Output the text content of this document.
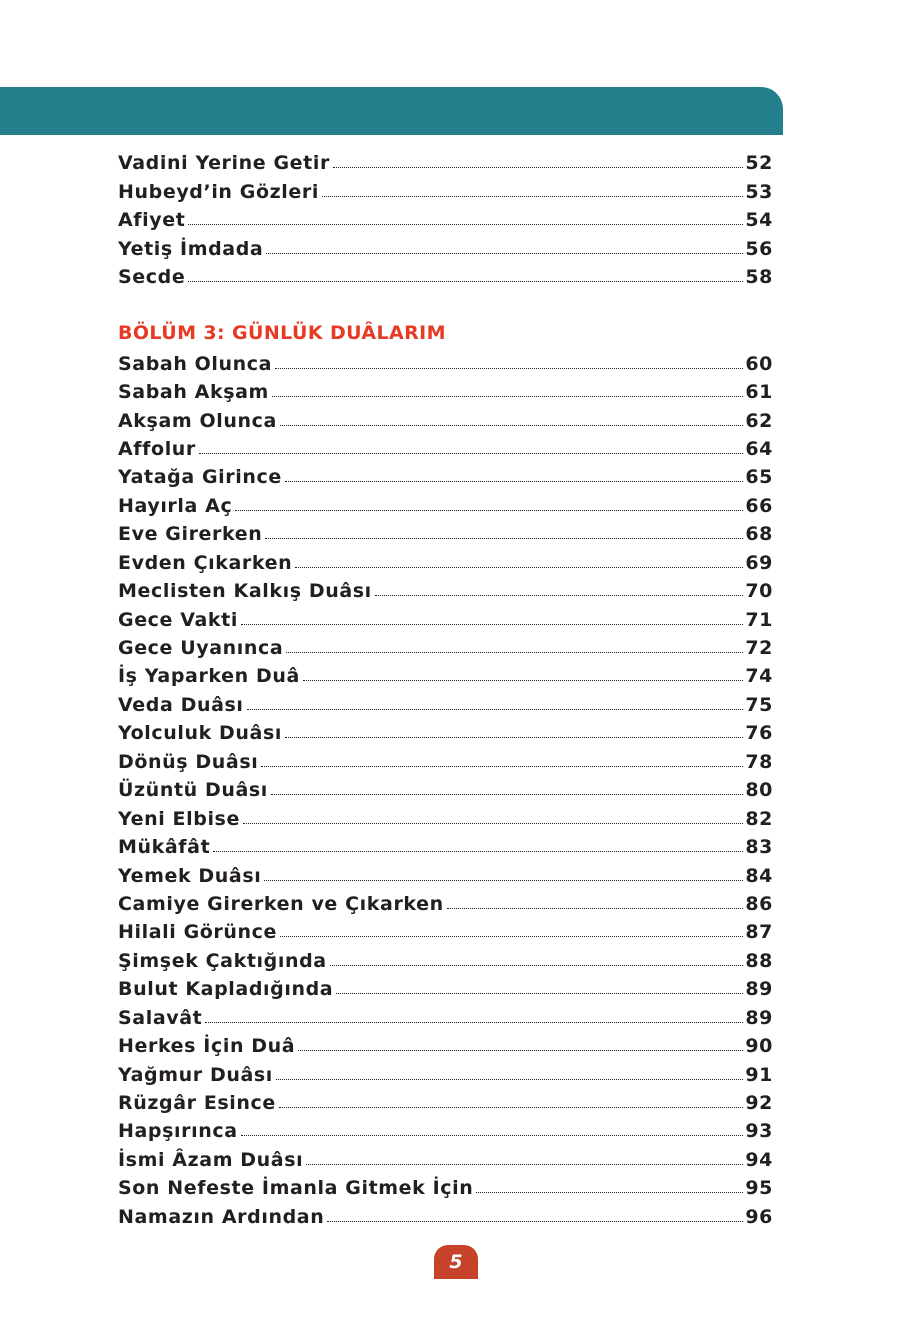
Vadini Yerine Getir	52
Hubeyd’in Gözleri	53
Afiyet	54
Yetiş İmdada	56
Secde	58
BÖLÜM 3: GÜNLÜK DUÂLARIM
Sabah Olunca	60
Sabah Akşam	61
Akşam Olunca	62
Affolur	64
Yatağa Girince	65
Hayırla Aç	66
Eve Girerken	68
Evden Çıkarken	69
Meclisten Kalkış Duâsı	70
Gece Vakti	71
Gece Uyanınca	72
İş Yaparken Duâ	74
Veda Duâsı	75
Yolculuk Duâsı	76
Dönüş Duâsı	78
Üzüntü Duâsı	80
Yeni Elbise	82
Mükâfât	83
Yemek Duâsı	84
Camiye Girerken ve Çıkarken	86
Hilali Görünce	87
Şimşek Çaktığında	88
Bulut Kapladığında	89
Salavât	89
Herkes İçin Duâ	90
Yağmur Duâsı	91
Rüzgâr Esince	92
Hapşırınca	93
İsmi Âzam Duâsı	94
Son Nefeste İmanla Gitmek İçin	95
Namazın Ardından	96
5
